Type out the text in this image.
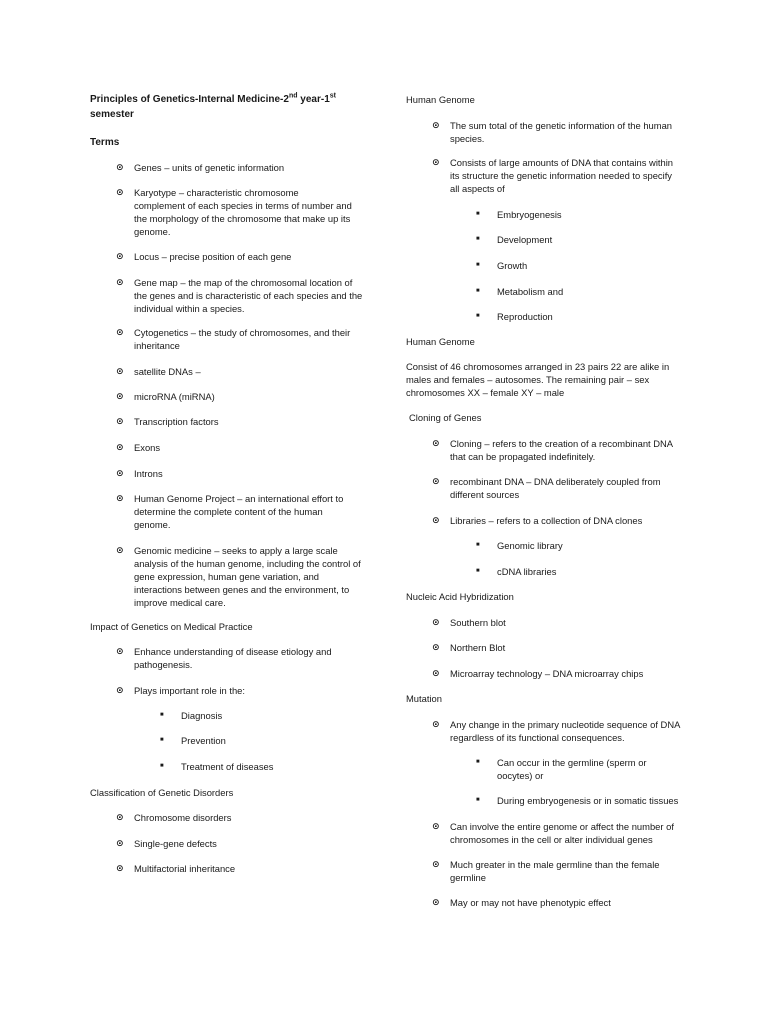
Principles of Genetics-Internal Medicine-2nd year-1st
semester
Terms
⊙ Genes – units of genetic information
⊙ Karyotype – characteristic chromosome complement of each species in terms of number and the morphology of the chromosome that make up its genome.
⊙ Locus – precise position of each gene
⊙ Gene map – the map of the chromosomal location of the genes and is characteristic of each species and the individual within a species.
⊙ Cytogenetics – the study of chromosomes, and their inheritance
⊙ satellite DNAs –
⊙ microRNA (miRNA)
⊙ Transcription factors
⊙ Exons
⊙ Introns
⊙ Human Genome Project – an international effort to determine the complete content of the human genome.
⊙ Genomic medicine – seeks to apply a large scale analysis of the human genome, including the control of gene expression, human gene variation, and interactions between genes and the environment, to improve medical care.
Impact of Genetics on Medical Practice
⊙ Enhance understanding of disease etiology and pathogenesis.
⊙ Plays important role in the:
■ Diagnosis
■ Prevention
■ Treatment of diseases
Classification of Genetic Disorders
⊙ Chromosome disorders
⊙ Single-gene defects
⊙ Multifactorial inheritance
Human Genome
⊙ The sum total of the genetic information of the human species.
⊙ Consists of large amounts of DNA that contains within its structure the genetic information needed to specify all aspects of
■ Embryogenesis
■ Development
■ Growth
■ Metabolism and
■ Reproduction
Human Genome
Consist of 46 chromosomes arranged in 23 pairs 22 are alike in males and females – autosomes. The remaining pair – sex chromosomes XX – female XY – male
Cloning of Genes
⊙ Cloning – refers to the creation of a recombinant DNA that can be propagated indefinitely.
⊙ recombinant DNA – DNA deliberately coupled from different sources
⊙ Libraries – refers to a collection of DNA clones
■ Genomic library
■ cDNA libraries
Nucleic Acid Hybridization
⊙ Southern blot
⊙ Northern Blot
⊙ Microarray technology – DNA microarray chips
Mutation
⊙ Any change in the primary nucleotide sequence of DNA regardless of its functional consequences.
■ Can occur in the germline (sperm or oocytes) or
■ During embryogenesis or in somatic tissues
⊙ Can involve the entire genome or affect the number of chromosomes in the cell or alter individual genes
⊙ Much greater in the male germline than the female germline
⊙ May or may not have phenotypic effect
